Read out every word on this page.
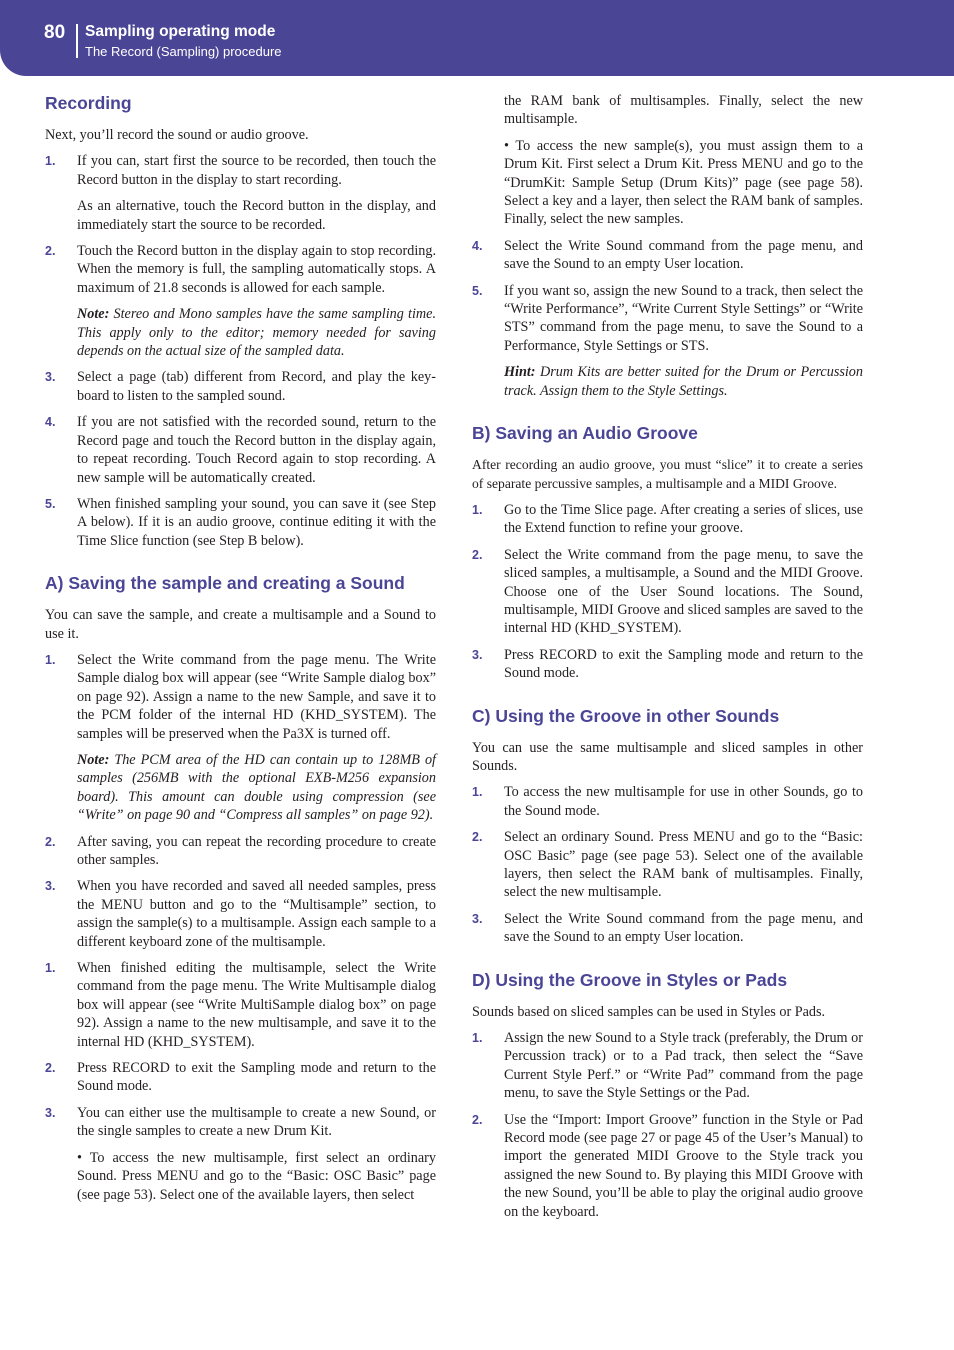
80 Sampling operating mode
The Record (Sampling) procedure
Recording

Next, you’ll record the sound or audio groove.

1.	If you can, start first the source to be recorded, then touch the Record button in the display to start recording.

As an alternative, touch the Record button in the display, and immediately start the source to be recorded.

2.	Touch the Record button in the display again to stop recording. When the memory is full, the sampling automatically stops. A maximum of 21.8 seconds is allowed for each sample.

Note: Stereo and Mono samples have the same sampling time. This apply only to the editor; memory needed for saving depends on the actual size of the sampled data.

3.	Select a page (tab) different from Record, and play the keyboard to listen to the sampled sound.
4.	If you are not satisfied with the recorded sound, return to the Record page and touch the Record button in the display again, to repeat recording. Touch Record again to stop recording. A new sample will be automatically created.
5.	When finished sampling your sound, you can save it (see Step A below). If it is an audio groove, continue editing it with the Time Slice function (see Step B below).
A) Saving the sample and creating a Sound

You can save the sample, and create a multisample and a Sound to use it.

1.	Select the Write command from the page menu. The Write Sample dialog box will appear (see “Write Sample dialog box” on page 92). Assign a name to the new Sample, and save it to the PCM folder of the internal HD (KHD_SYSTEM). The samples will be preserved when the Pa3X is turned off.

Note: The PCM area of the HD can contain up to 128MB of samples (256MB with the optional EXB-M256 expansion board). This amount can double using compression (see “Write” on page 90 and “Compress all samples” on page 92).

2.	After saving, you can repeat the recording procedure to create other samples.
3.	When you have recorded and saved all needed samples, press the MENU button and go to the “Multisample” section, to assign the sample(s) to a multisample. Assign each sample to a different keyboard zone of the multisample.
1.	When finished editing the multisample, select the Write command from the page menu. The Write Multisample dialog box will appear (see “Write MultiSample dialog box” on page 92). Assign a name to the new multisample, and save it to the internal HD (KHD_SYSTEM).
2.	Press RECORD to exit the Sampling mode and return to the Sound mode.
3.	You can either use the multisample to create a new Sound, or the single samples to create a new Drum Kit.

• To access the new multisample, first select an ordinary Sound. Press MENU and go to the “Basic: OSC Basic” page (see page 53). Select one of the available layers, then select

the RAM bank of multisamples. Finally, select the new multisample.

• To access the new sample(s), you must assign them to a Drum Kit. First select a Drum Kit. Press MENU and go to the “DrumKit: Sample Setup (Drum Kits)” page (see page 58). Select a key and a layer, then select the RAM bank of samples. Finally, select the new samples.

4.	Select the Write Sound command from the page menu, and save the Sound to an empty User location.
5.	If you want so, assign the new Sound to a track, then select the “Write Performance”, “Write Current Style Settings” or “Write STS” command from the page menu, to save the Sound to a Performance, Style Settings or STS.

Hint: Drum Kits are better suited for the Drum or Percussion track. Assign them to the Style Settings.

B) Saving an Audio Groove

After recording an audio groove, you must “slice” it to create a series of separate percussive samples, a multisample and a MIDI Groove.

1.	Go to the Time Slice page. After creating a series of slices, use the Extend function to refine your groove.
2.	Select the Write command from the page menu, to save the sliced samples, a multisample, a Sound and the MIDI Groove. Choose one of the User Sound locations. The Sound, multisample, MIDI Groove and sliced samples are saved to the internal HD (KHD_SYSTEM).
3.	Press RECORD to exit the Sampling mode and return to the Sound mode.
C) Using the Groove in other Sounds

You can use the same multisample and sliced samples in other Sounds.

1.	To access the new multisample for use in other Sounds, go to the Sound mode.
2.	Select an ordinary Sound. Press MENU and go to the “Basic: OSC Basic” page (see page 53). Select one of the available layers, then select the RAM bank of multisamples. Finally, select the new multisample.
3.	Select the Write Sound command from the page menu, and save the Sound to an empty User location.
D) Using the Groove in Styles or Pads

Sounds based on sliced samples can be used in Styles or Pads.

1.	Assign the new Sound to a Style track (preferably, the Drum or Percussion track) or to a Pad track, then select the “Save Current Style Perf.” or “Write Pad” command from the page menu, to save the Style Settings or the Pad.
2.	Use the “Import: Import Groove” function in the Style or Pad Record mode (see page 27 or page 45 of the User’s Manual) to import the generated MIDI Groove to the Style track you assigned the new Sound to. By playing this MIDI Groove with the new Sound, you’ll be able to play the original audio groove on the keyboard.
